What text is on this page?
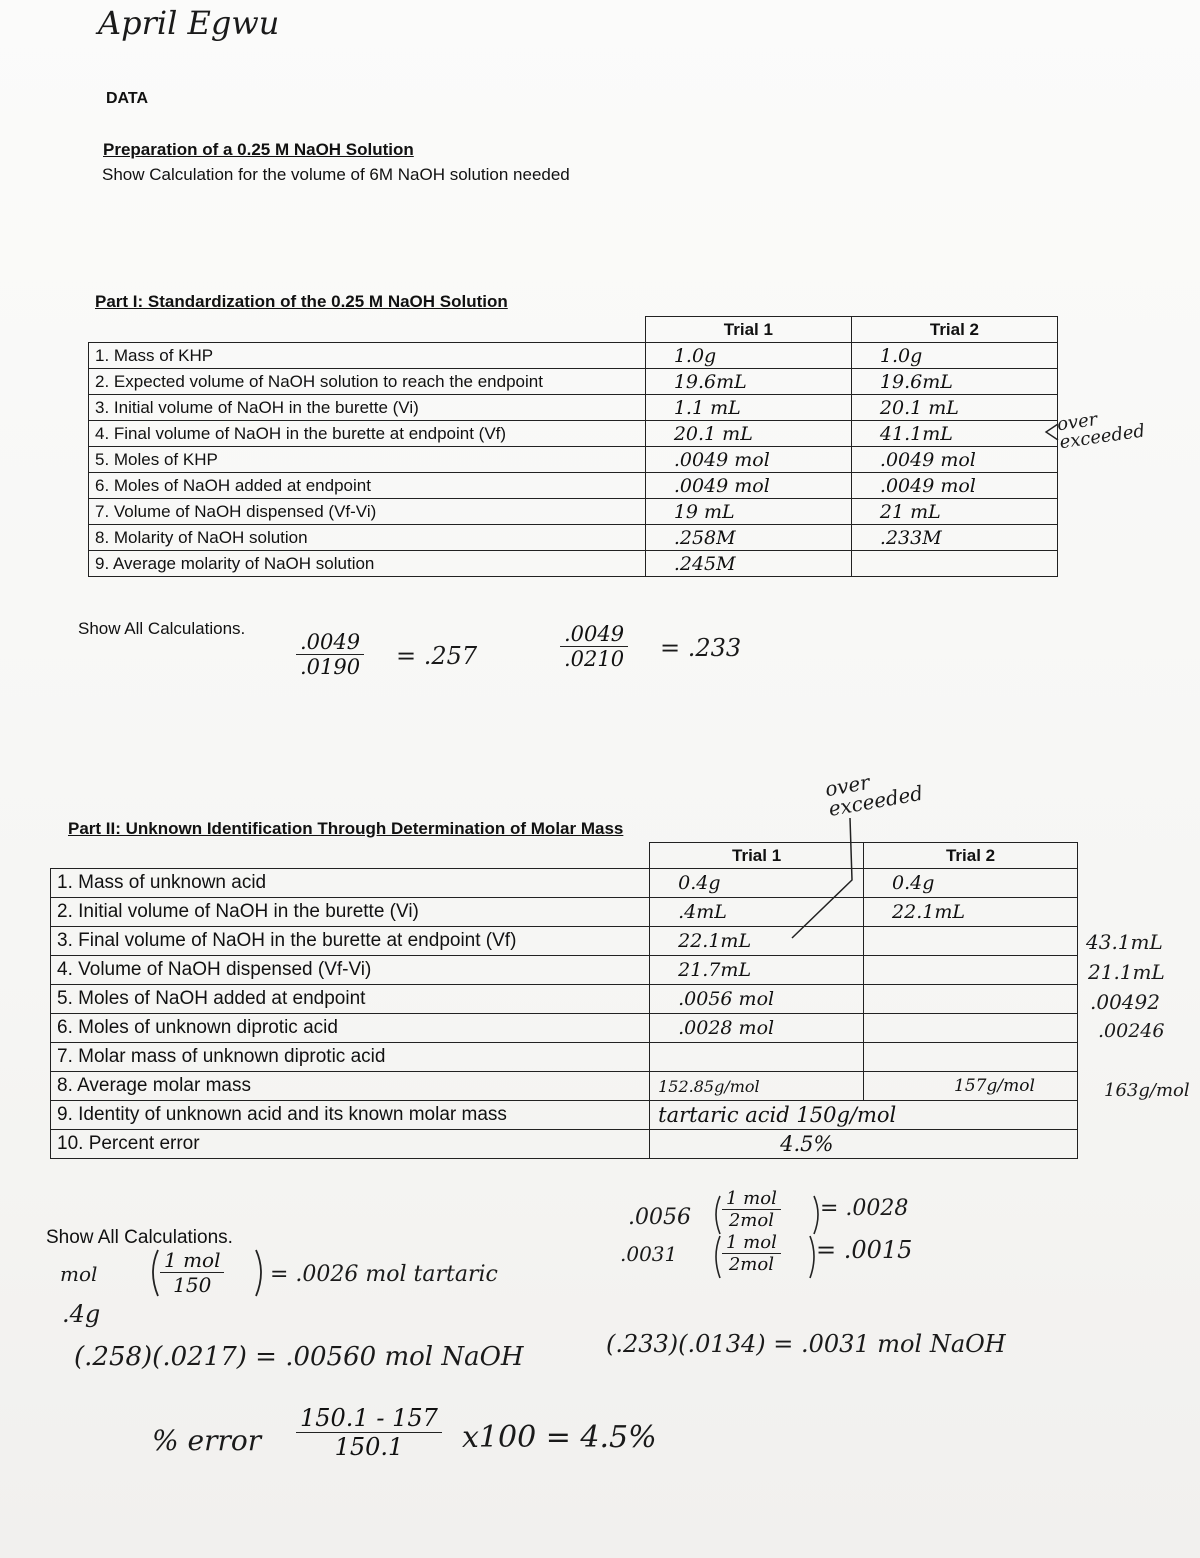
April Egwu
DATA
Preparation of a 0.25 M NaOH Solution
Show Calculation for the volume of 6M NaOH solution needed
Part I: Standardization of the 0.25 M NaOH Solution
	Trial 1	Trial 2
1. Mass of KHP	1.0g	1.0g
2. Expected volume of NaOH solution to reach the endpoint	19.6mL	19.6mL
3. Initial volume of NaOH in the burette (Vi)	1.1 mL	20.1 mL
4. Final volume of NaOH in the burette at endpoint (Vf)	20.1 mL	41.1mL
5. Moles of KHP	.0049 mol	.0049 mol
6. Moles of NaOH added at endpoint	.0049 mol	.0049 mol
7. Volume of NaOH dispensed (Vf-Vi)	19 mL	21 mL
8. Molarity of NaOH solution	.258M	.233M
9. Average molarity of NaOH solution	.245M	
over exceeded
Show All Calculations.
$\frac{.0049}{.0190} = .257$	$\frac{.0049}{.0210} = .233$
over exceeded
Part II: Unknown Identification Through Determination of Molar Mass
	Trial 1	Trial 2
1. Mass of unknown acid	0.4g	0.4g
2. Initial volume of NaOH in the burette (Vi)	.4mL	22.1mL
3. Final volume of NaOH in the burette at endpoint (Vf)	22.1mL	
4. Volume of NaOH dispensed (Vf-Vi)	21.7mL	
5. Moles of NaOH added at endpoint	.0056 mol	
6. Moles of unknown diprotic acid	.0028 mol	
7. Molar mass of unknown diprotic acid		
8. Average molar mass	152.85g/mol	157g/mol
9. Identity of unknown acid and its known molar mass	tartaric acid 150g/mol	
10. Percent error	4.5%	
43.1mL
21.1mL
.00492
.00246
163g/mol
Show All Calculations.
mol
1 mol
150	= .0026 mol tartaric
.4g
.0056
1 mol
2mol	= .0028
.0031	1 mol
2mol
= .0015
(.258)(.0217) = .00560 mol NaOH	(.233)(.0134) = .0031 mol NaOH
% error $\frac{150.1 - 157}{150.1} x100 = 4.5\%$
